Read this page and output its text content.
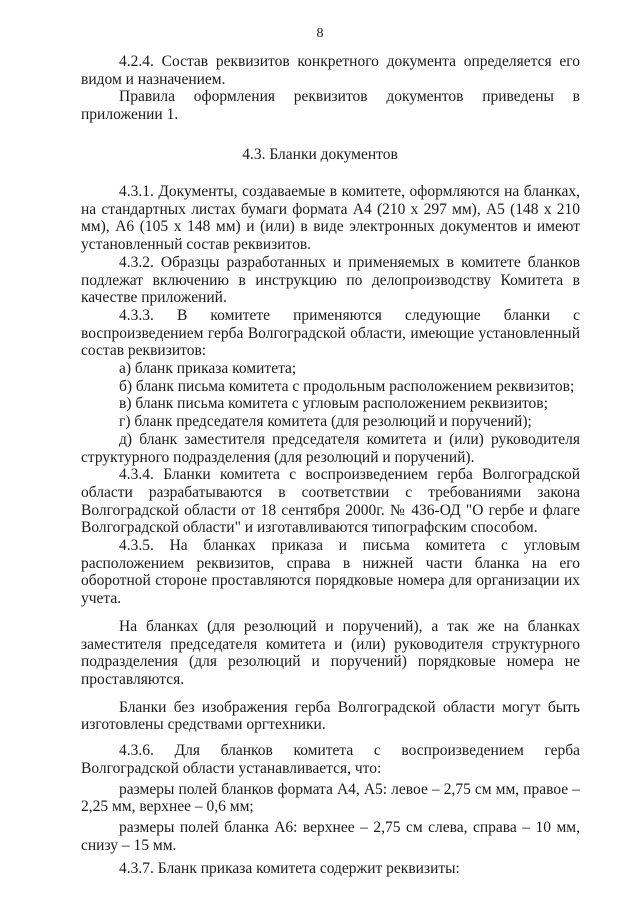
8

4.2.4. Состав реквизитов конкретного документа определяется его видом и назначением.

Правила оформления реквизитов документов приведены в приложении 1.

4.3. Бланки документов

4.3.1. Документы, создаваемые в комитете, оформляются на бланках, на стандартных листах бумаги формата А4 (210 х 297 мм), А5 (148 х 210 мм), А6 (105 х 148 мм) и (или) в виде электронных документов и имеют установленный состав реквизитов.

4.3.2. Образцы разработанных и применяемых в комитете бланков подлежат включению в инструкцию по делопроизводству Комитета в качестве приложений.

4.3.3. В комитете применяются следующие бланки с воспроизведением герба Волгоградской области, имеющие установленный состав реквизитов:

а) бланк приказа комитета;

б) бланк письма комитета с продольным расположением реквизитов;

в) бланк письма комитета с угловым расположением реквизитов;

г) бланк председателя комитета (для резолюций и поручений);

д) бланк заместителя председателя комитета и (или) руководителя структурного подразделения (для резолюций и поручений).

4.3.4. Бланки комитета с воспроизведением герба Волгоградской области разрабатываются в соответствии с требованиями закона Волгоградской области от 18 сентября 2000г. № 436-ОД "О гербе и флаге Волгоградской области" и изготавливаются типографским способом.

4.3.5. На бланках приказа и письма комитета с угловым расположением реквизитов, справа в нижней части бланка на его оборотной стороне проставляются порядковые номера для организации их учета.

На бланках (для резолюций и поручений), а так же на бланках заместителя председателя комитета и (или) руководителя структурного подразделения (для резолюций и поручений) порядковые номера не проставляются.

Бланки без изображения герба Волгоградской области могут быть изготовлены средствами оргтехники.

4.3.6. Для бланков комитета с воспроизведением герба Волгоградской области устанавливается, что:

размеры полей бланков формата А4, А5: левое – 2,75 см мм, правое – 2,25 мм, верхнее – 0,6 мм;

размеры полей бланка А6: верхнее – 2,75 см слева, справа – 10 мм, снизу – 15 мм.

4.3.7. Бланк приказа комитета содержит реквизиты:
